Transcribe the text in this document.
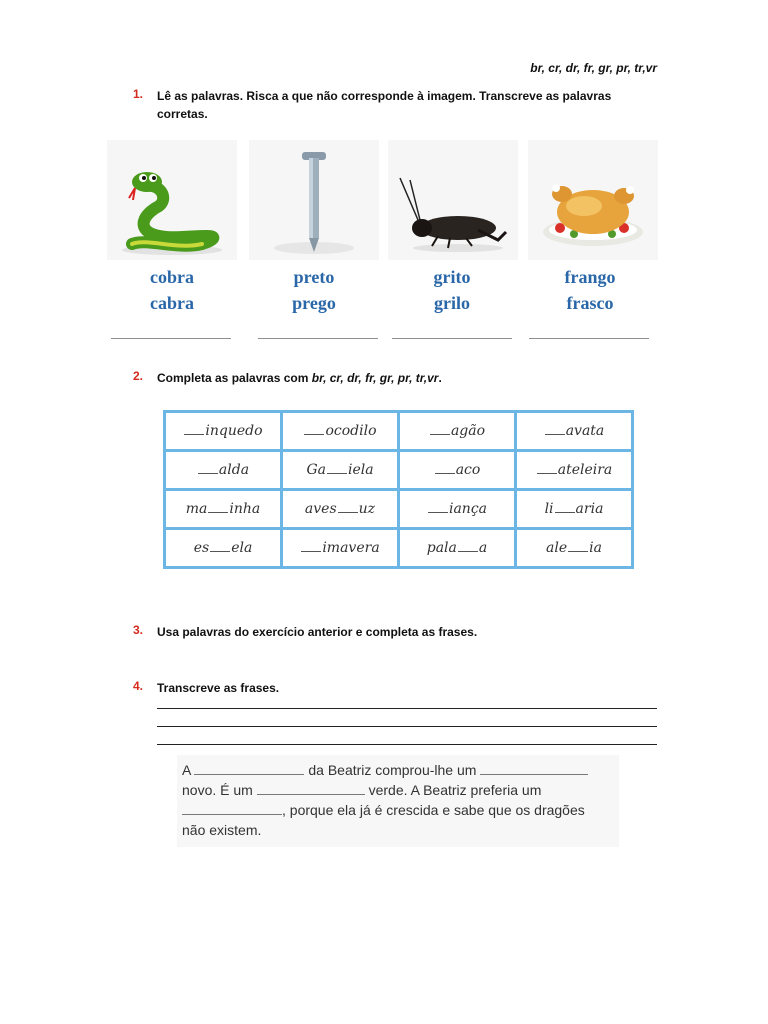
br, cr, dr, fr, gr, pr, tr,vr
1. Lê as palavras. Risca a que não corresponde à imagem. Transcreve as palavras corretas.
cobra
cabra
preto
prego
grito
grilo
frango
frasco
2. Completa as palavras com br, cr, dr, fr, gr, pr, tr,vr.
inquedo	ocodilo	agão	avata
alda	Ga iela	aco	ateleira
ma inha	aves uz	iança	li aria
es ela	imavera	pala a	ale ia
3. Usa palavras do exercício anterior e completa as frases.
4. Transcreve as frases.
A	da Beatriz comprou-lhe um
novo. É um	verde. A Beatriz preferia um
, porque ela já é crescida e sabe que os dragões
não existem.
